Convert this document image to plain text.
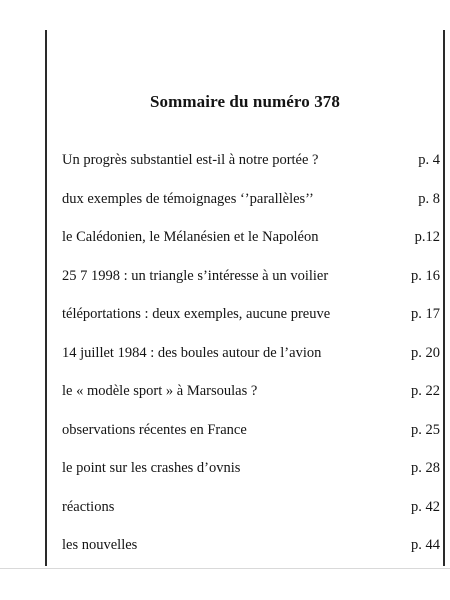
Sommaire du numéro 378
Un progrès substantiel est-il à notre portée ?	p. 4
dux exemples de témoignages ‘’parallèles’’	p. 8
le Calédonien, le Mélanésien et le Napoléon	p.12
25 7 1998 : un triangle s’intéresse à un voilier	p. 16
téléportations : deux exemples, aucune preuve	p. 17
14 juillet 1984 : des boules autour de l’avion	p. 20
le « modèle sport » à Marsoulas ?	p. 22
observations récentes en France	p. 25
le point sur les crashes d’ovnis	p. 28
réactions	p. 42
les nouvelles	p. 44
